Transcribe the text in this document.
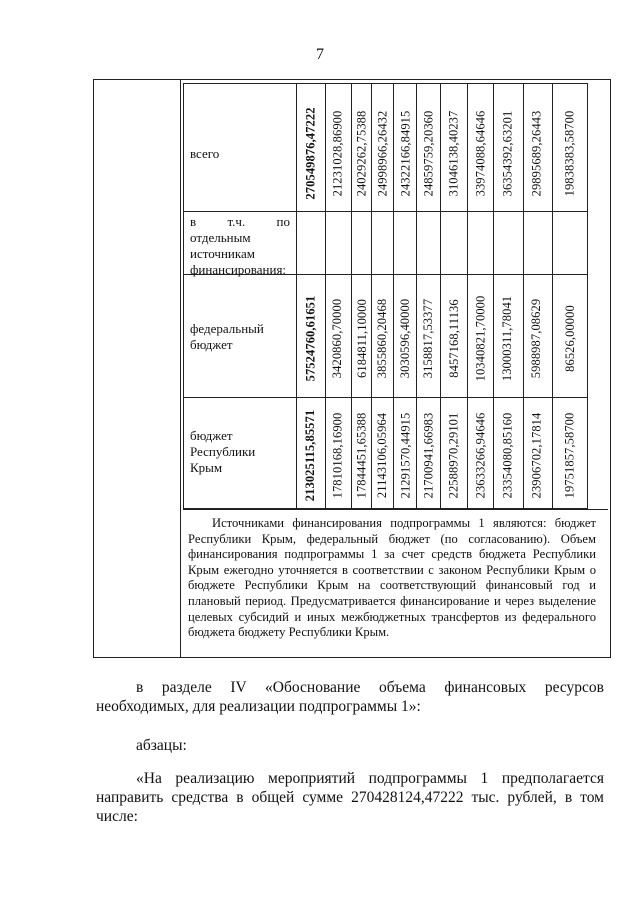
7
всего
в т.ч. по отдельным источникам финансирования:
федеральный бюджет
бюджет Республики Крым
270549876,47222 21231028,86900 24029262,75388 24998966,26432 24322166,84915 24859759,20360 31046138,40237 33974088,64646 36354392,63201 29895689,26443 19838383,58700
57524760,61651 3420860,70000 6184811,10000 3855860,20468 3030596,40000 3158817,53377 8457168,11136 10340821,70000 13000311,78041 5988987,08629 86526,00000
213025115,85571 17810168,16900 17844451,65388 21143106,05964 21291570,44915 21700941,66983 22588970,29101 23633266,94646 23354080,85160 23906702,17814 19751857,58700
Источниками финансирования подпрограммы 1 являются: бюджет Республики Крым, федеральный бюджет (по согласованию). Объем финансирования подпрограммы 1 за счет средств бюджета Республики Крым ежегодно уточняется в соответствии с законом Республики Крым о бюджете Республики Крым на соответствующий финансовый год и плановый период. Предусматривается финансирование и через выделение целевых субсидий и иных межбюджетных трансфертов из федерального бюджета бюджету Республики Крым.
в разделе IV «Обоснование объема финансовых ресурсов необходимых, для реализации подпрограммы 1»:
абзацы:
«На реализацию мероприятий подпрограммы 1 предполагается направить средства в общей сумме 270428124,47222 тыс. рублей, в том числе:
